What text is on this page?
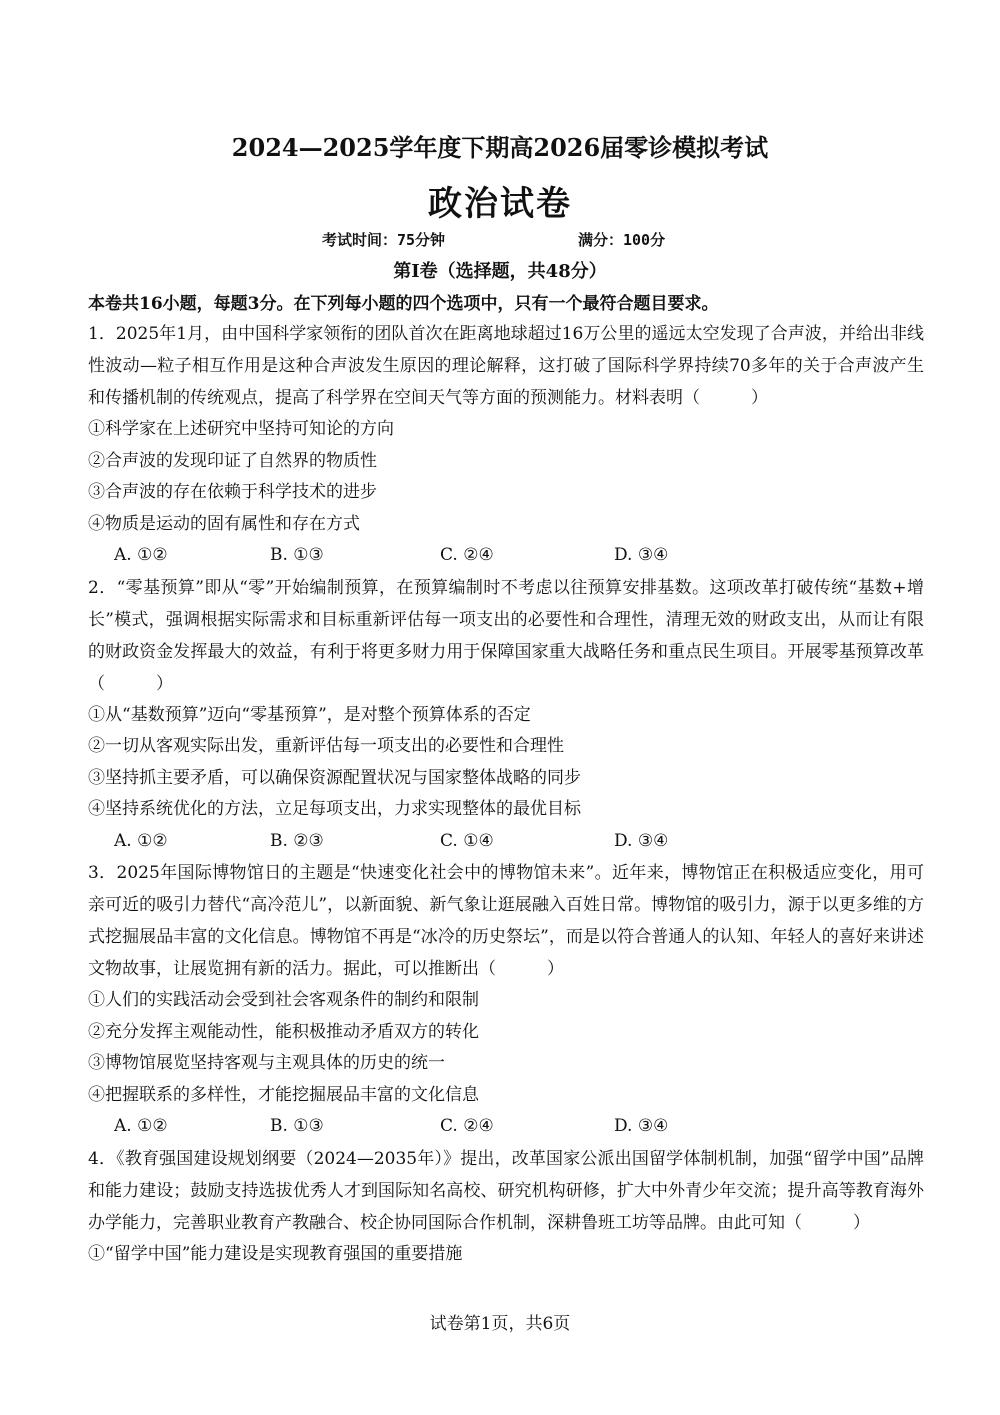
2024—2025学年度下期高2026届零诊模拟考试
政治试卷
考试时间：75分钟	满分：100分
第Ⅰ卷（选择题，共48分）
本卷共16小题，每题3分。在下列每小题的四个选项中，只有一个最符合题目要求。
1．2025年1月，由中国科学家领衔的团队首次在距离地球超过16万公里的遥远太空发现了合声波，并给出非线性波动—粒子相互作用是这种合声波发生原因的理论解释，这打破了国际科学界持续70多年的关于合声波产生和传播机制的传统观点，提高了科学界在空间天气等方面的预测能力。材料表明（　　　）
①科学家在上述研究中坚持可知论的方向
②合声波的发现印证了自然界的物质性
③合声波的存在依赖于科学技术的进步
④物质是运动的固有属性和存在方式
A. ①②	B. ①③	C. ②④	D. ③④
2．“零基预算”即从“零”开始编制预算，在预算编制时不考虑以往预算安排基数。这项改革打破传统“基数+增长”模式，强调根据实际需求和目标重新评估每一项支出的必要性和合理性，清理无效的财政支出，从而让有限的财政资金发挥最大的效益，有利于将更多财力用于保障国家重大战略任务和重点民生项目。开展零基预算改革（　　　）
①从“基数预算”迈向“零基预算”，是对整个预算体系的否定
②一切从客观实际出发，重新评估每一项支出的必要性和合理性
③坚持抓主要矛盾，可以确保资源配置状况与国家整体战略的同步
④坚持系统优化的方法，立足每项支出，力求实现整体的最优目标
A. ①②	B. ②③	C. ①④	D. ③④
3．2025年国际博物馆日的主题是“快速变化社会中的博物馆未来”。近年来，博物馆正在积极适应变化，用可亲可近的吸引力替代“高冷范儿”，以新面貌、新气象让逛展融入百姓日常。博物馆的吸引力，源于以更多维的方式挖掘展品丰富的文化信息。博物馆不再是“冰冷的历史祭坛”，而是以符合普通人的认知、年轻人的喜好来讲述文物故事，让展览拥有新的活力。据此，可以推断出（　　　）
①人们的实践活动会受到社会客观条件的制约和限制
②充分发挥主观能动性，能积极推动矛盾双方的转化
③博物馆展览坚持客观与主观具体的历史的统一
④把握联系的多样性，才能挖掘展品丰富的文化信息
A. ①②	B. ①③	C. ②④	D. ③④
4．《教育强国建设规划纲要（2024—2035年）》提出，改革国家公派出国留学体制机制，加强“留学中国”品牌和能力建设；鼓励支持选拔优秀人才到国际知名高校、研究机构研修，扩大中外青少年交流；提升高等教育海外办学能力，完善职业教育产教融合、校企协同国际合作机制，深耕鲁班工坊等品牌。由此可知（　　　）
①“留学中国”能力建设是实现教育强国的重要措施
试卷第1页，共6页
